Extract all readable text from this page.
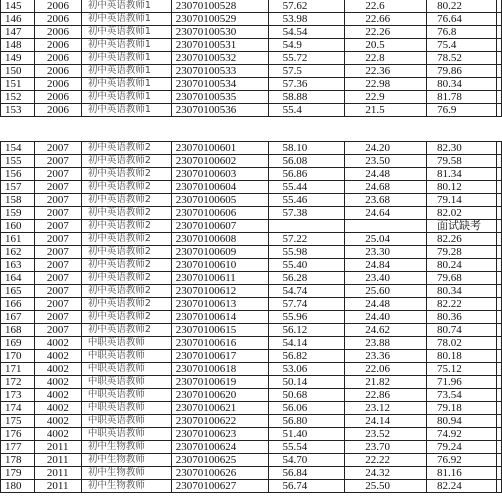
145	2006	初中英语教师1	23070100528	57.62	22.6	80.22	
146	2006	初中英语教师1	23070100529	53.98	22.66	76.64	
147	2006	初中英语教师1	23070100530	54.54	22.26	76.8	
148	2006	初中英语教师1	23070100531	54.9	20.5	75.4	
149	2006	初中英语教师1	23070100532	55.72	22.8	78.52	
150	2006	初中英语教师1	23070100533	57.5	22.36	79.86	
151	2006	初中英语教师1	23070100534	57.36	22.98	80.34	
152	2006	初中英语教师1	23070100535	58.88	22.9	81.78	
153	2006	初中英语教师1	23070100536	55.4	21.5	76.9	
154	2007	初中英语教师2	23070100601	58.10	24.20	82.30	
155	2007	初中英语教师2	23070100602	56.08	23.50	79.58	
156	2007	初中英语教师2	23070100603	56.86	24.48	81.34	
157	2007	初中英语教师2	23070100604	55.44	24.68	80.12	
158	2007	初中英语教师2	23070100605	55.46	23.68	79.14	
159	2007	初中英语教师2	23070100606	57.38	24.64	82.02	
160	2007	初中英语教师2	23070100607			面试缺考	
161	2007	初中英语教师2	23070100608	57.22	25.04	82.26	
162	2007	初中英语教师2	23070100609	55.98	23.30	79.28	
163	2007	初中英语教师2	23070100610	55.40	24.84	80.24	
164	2007	初中英语教师2	23070100611	56.28	23.40	79.68	
165	2007	初中英语教师2	23070100612	54.74	25.60	80.34	
166	2007	初中英语教师2	23070100613	57.74	24.48	82.22	
167	2007	初中英语教师2	23070100614	55.96	24.40	80.36	
168	2007	初中英语教师2	23070100615	56.12	24.62	80.74	
169	4002	中职英语教师	23070100616	54.14	23.88	78.02	
170	4002	中职英语教师	23070100617	56.82	23.36	80.18	
171	4002	中职英语教师	23070100618	53.06	22.06	75.12	
172	4002	中职英语教师	23070100619	50.14	21.82	71.96	
173	4002	中职英语教师	23070100620	50.68	22.86	73.54	
174	4002	中职英语教师	23070100621	56.06	23.12	79.18	
175	4002	中职英语教师	23070100622	56.80	24.14	80.94	
176	4002	中职英语教师	23070100623	51.40	23.52	74.92	
177	2011	初中生物教师	23070100624	55.54	23.70	79.24	
178	2011	初中生物教师	23070100625	54.70	22.22	76.92	
179	2011	初中生物教师	23070100626	56.84	24.32	81.16	
180	2011	初中生物教师	23070100627	56.74	25.50	82.24	
